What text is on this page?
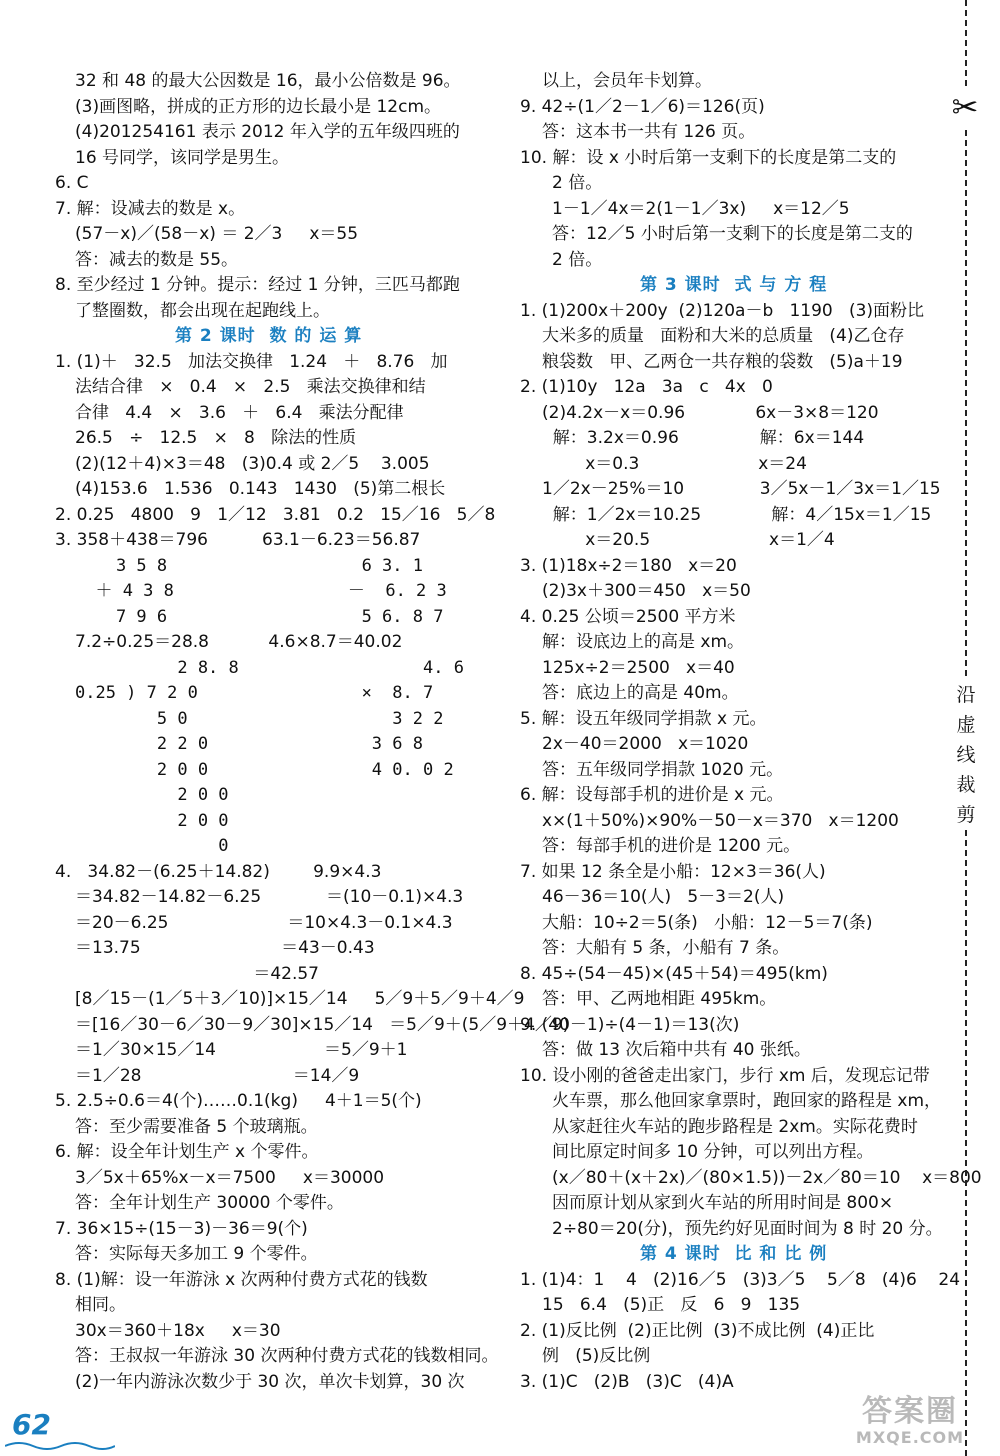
32 和 48 的最大公因数是 16，最小公倍数是 96。
(3)画图略，拼成的正方形的边长最小是 12cm。
(4)201254161 表示 2012 年入学的五年级四班的
16 号同学，该同学是男生。
6. C
7. 解：设减去的数是 x。
(57－x)／(58－x) ＝ 2／3     x＝55
答：减去的数是 55。
8. 至少经过 1 分钟。提示：经过 1 分钟，三匹马都跑
了整圈数，都会出现在起跑线上。
第 2 课时  数 的 运 算
1. (1)＋   32.5   加法交换律   1.24   ＋   8.76   加
法结合律   ×   0.4   ×   2.5   乘法交换律和结
合律   4.4   ×   3.6   ＋   6.4   乘法分配律
26.5   ÷   12.5   ×   8   除法的性质
(2)(12＋4)×3＝48   (3)0.4 或 2／5    3.005
(4)153.6   1.536   0.143   1430   (5)第二根长
2. 0.25   4800   9   1／12   3.81   0.2   15／16   5／8
3. 358＋438＝796          63.1－6.23＝56.87
3 5 8                   6 3. 1
＋ 4 3 8                 －  6. 2 3
7 9 6                   5 6. 8 7
7.2÷0.25＝28.8           4.6×8.7＝40.02
2 8. 8                  4. 6
0.25 ) 7 2 0                ×  8. 7
5 0                    3 2 2
2 2 0                3 6 8
2 0 0                4 0. 0 2
2 0 0
2 0 0
0
4.   34.82－(6.25＋14.82)        9.9×4.3
＝34.82－14.82－6.25            ＝(10－0.1)×4.3
＝20－6.25                      ＝10×4.3－0.1×4.3
＝13.75                          ＝43－0.43
＝42.57
[8／15－(1／5＋3／10)]×15／14     5／9＋5／9＋4／9
＝[16／30－6／30－9／30]×15／14   ＝5／9＋(5／9＋4／9)
＝1／30×15／14                    ＝5／9＋1
＝1／28                            ＝14／9
5. 2.5÷0.6＝4(个)……0.1(kg)     4＋1＝5(个)
答：至少需要准备 5 个玻璃瓶。
6. 解：设全年计划生产 x 个零件。
3／5x＋65%x－x＝7500     x＝30000
答：全年计划生产 30000 个零件。
7. 36×15÷(15－3)－36＝9(个)
答：实际每天多加工 9 个零件。
8. (1)解：设一年游泳 x 次两种付费方式花的钱数
相同。
30x＝360＋18x     x＝30
答：王叔叔一年游泳 30 次两种付费方式花的钱数相同。
(2)一年内游泳次数少于 30 次，单次卡划算，30 次
以上，会员年卡划算。
9. 42÷(1／2－1／6)＝126(页)
答：这本书一共有 126 页。
10. 解：设 x 小时后第一支剩下的长度是第二支的
2 倍。
1－1／4x＝2(1－1／3x)     x＝12／5
答：12／5 小时后第一支剩下的长度是第二支的
2 倍。
第 3 课时  式 与 方 程
1. (1)200x＋200y  (2)120a－b   1190   (3)面粉比
大米多的质量   面粉和大米的总质量   (4)乙仓存
粮袋数   甲、乙两仓一共存粮的袋数   (5)a＋19
2. (1)10y   12a   3a   c   4x   0
(2)4.2x－x＝0.96             6x－3×8＝120
解：3.2x＝0.96               解：6x＝144
x＝0.3                      x＝24
1／2x－25%＝10              3／5x－1／3x＝1／15
解：1／2x＝10.25             解：4／15x＝1／15
x＝20.5                      x＝1／4
3. (1)18x÷2＝180   x＝20
(2)3x＋300＝450   x＝50
4. 0.25 公顷＝2500 平方米
解：设底边上的高是 xm。
125x÷2＝2500   x＝40
答：底边上的高是 40m。
5. 解：设五年级同学捐款 x 元。
2x－40＝2000   x＝1020
答：五年级同学捐款 1020 元。
6. 解：设每部手机的进价是 x 元。
x×(1＋50%)×90%－50－x＝370   x＝1200
答：每部手机的进价是 1200 元。
7. 如果 12 条全是小船：12×3＝36(人)
46－36＝10(人)   5－3＝2(人)
大船：10÷2＝5(条)   小船：12－5＝7(条)
答：大船有 5 条，小船有 7 条。
8. 45÷(54－45)×(45＋54)＝495(km)
答：甲、乙两地相距 495km。
9. (40－1)÷(4－1)＝13(次)
答：做 13 次后箱中共有 40 张纸。
10. 设小刚的爸爸走出家门，步行 xm 后，发现忘记带
火车票，那么他回家拿票时，跑回家的路程是 xm，
从家赶往火车站的跑步路程是 2xm。实际花费时
间比原定时间多 10 分钟，可以列出方程。
(x／80＋(x＋2x)／(80×1.5))－2x／80＝10    x＝800
因而原计划从家到火车站的所用时间是 800×
2÷80＝20(分)，预先约好见面时间为 8 时 20 分。
第 4 课时  比 和 比 例
1. (1)4：1    4   (2)16／5   (3)3／5    5／8   (4)6    24
15   6.4   (5)正   反   6   9   135
2. (1)反比例  (2)正比例  (3)不成比例  (4)正比
例   (5)反比例
3. (1)C   (2)B   (3)C   (4)A
✂
沿
虚
线
裁
剪
62	答案圈
MXQE.COM
